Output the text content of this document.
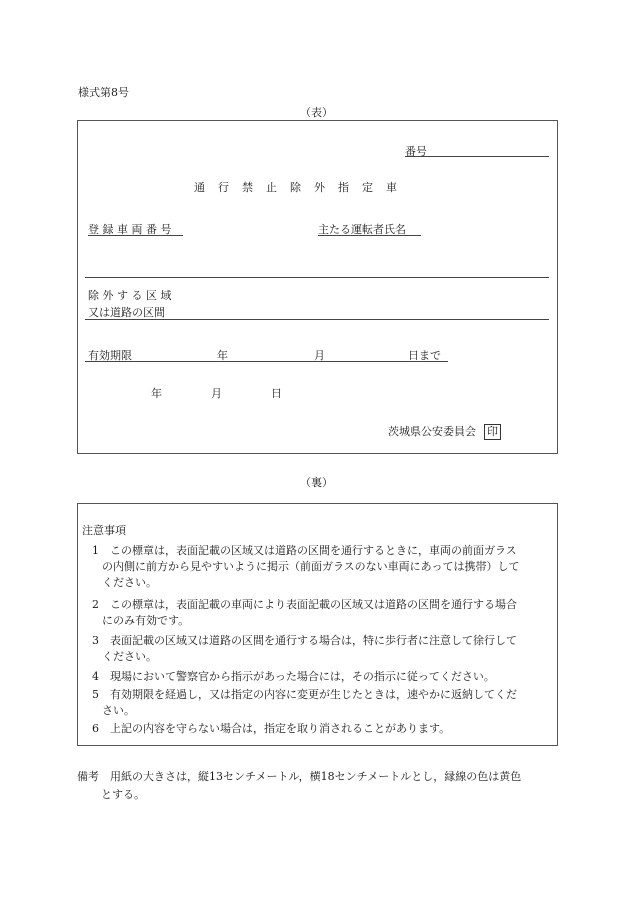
様式第8号
（表）
番号
通　行　禁　止　除　外　指　定　車
登 録 車 両 番 号	主たる運転者氏名
除 外 す る 区 域
又は道路の区間
有効期限	年	月	日まで
年	月	日
茨城県公安委員会 印
（裏）
注意事項
1　この標章は，表面記載の区域又は道路の区間を通行するときに，車両の前面ガラス
の内側に前方から見やすいように掲示（前面ガラスのない車両にあっては携帯）して
ください。
2　この標章は，表面記載の車両により表面記載の区域又は道路の区間を通行する場合
にのみ有効です。
3　表面記載の区域又は道路の区間を通行する場合は，特に歩行者に注意して徐行して
ください。
4　現場において警察官から指示があった場合には，その指示に従ってください。
5　有効期限を経過し，又は指定の内容に変更が生じたときは，速やかに返納してくだ
さい。
6　上記の内容を守らない場合は，指定を取り消されることがあります。
備考　用紙の大きさは，縦13センチメートル，横18センチメートルとし，縁線の色は黄色
とする。
